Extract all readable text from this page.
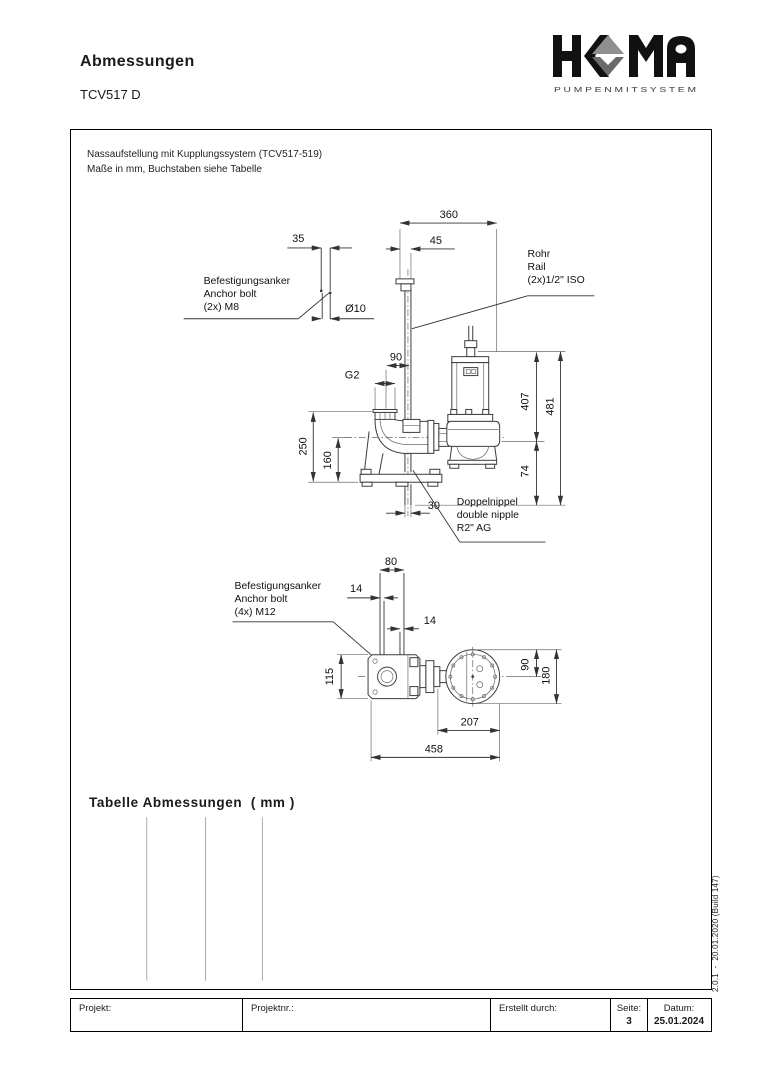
Abmessungen
TCV517 D	P U M P E N M I T S Y S T E M
Nassaufstellung mit Kupplungssystem (TCV517-519)
Maße in mm, Buchstaben siehe Tabelle
Tabelle Abmessungen  ( mm )
360
45
35
Ø10
Befestigungsanker
Anchor bolt
(2x) M8
Rohr
Rail
(2x)1/2" ISO
90
G2
407
74
481
250
160
30 Doppelnippel
double nipple
R2" AG
80
14
14
Befestigungsanker
Anchor bolt
(4x) M12
115
90
180
207
458
2.0.1  -  20.01.2020 (Build 147)
Projekt:	Projektnr.:	Erstellt durch:	Seite:
3
Datum:
25.01.2024
